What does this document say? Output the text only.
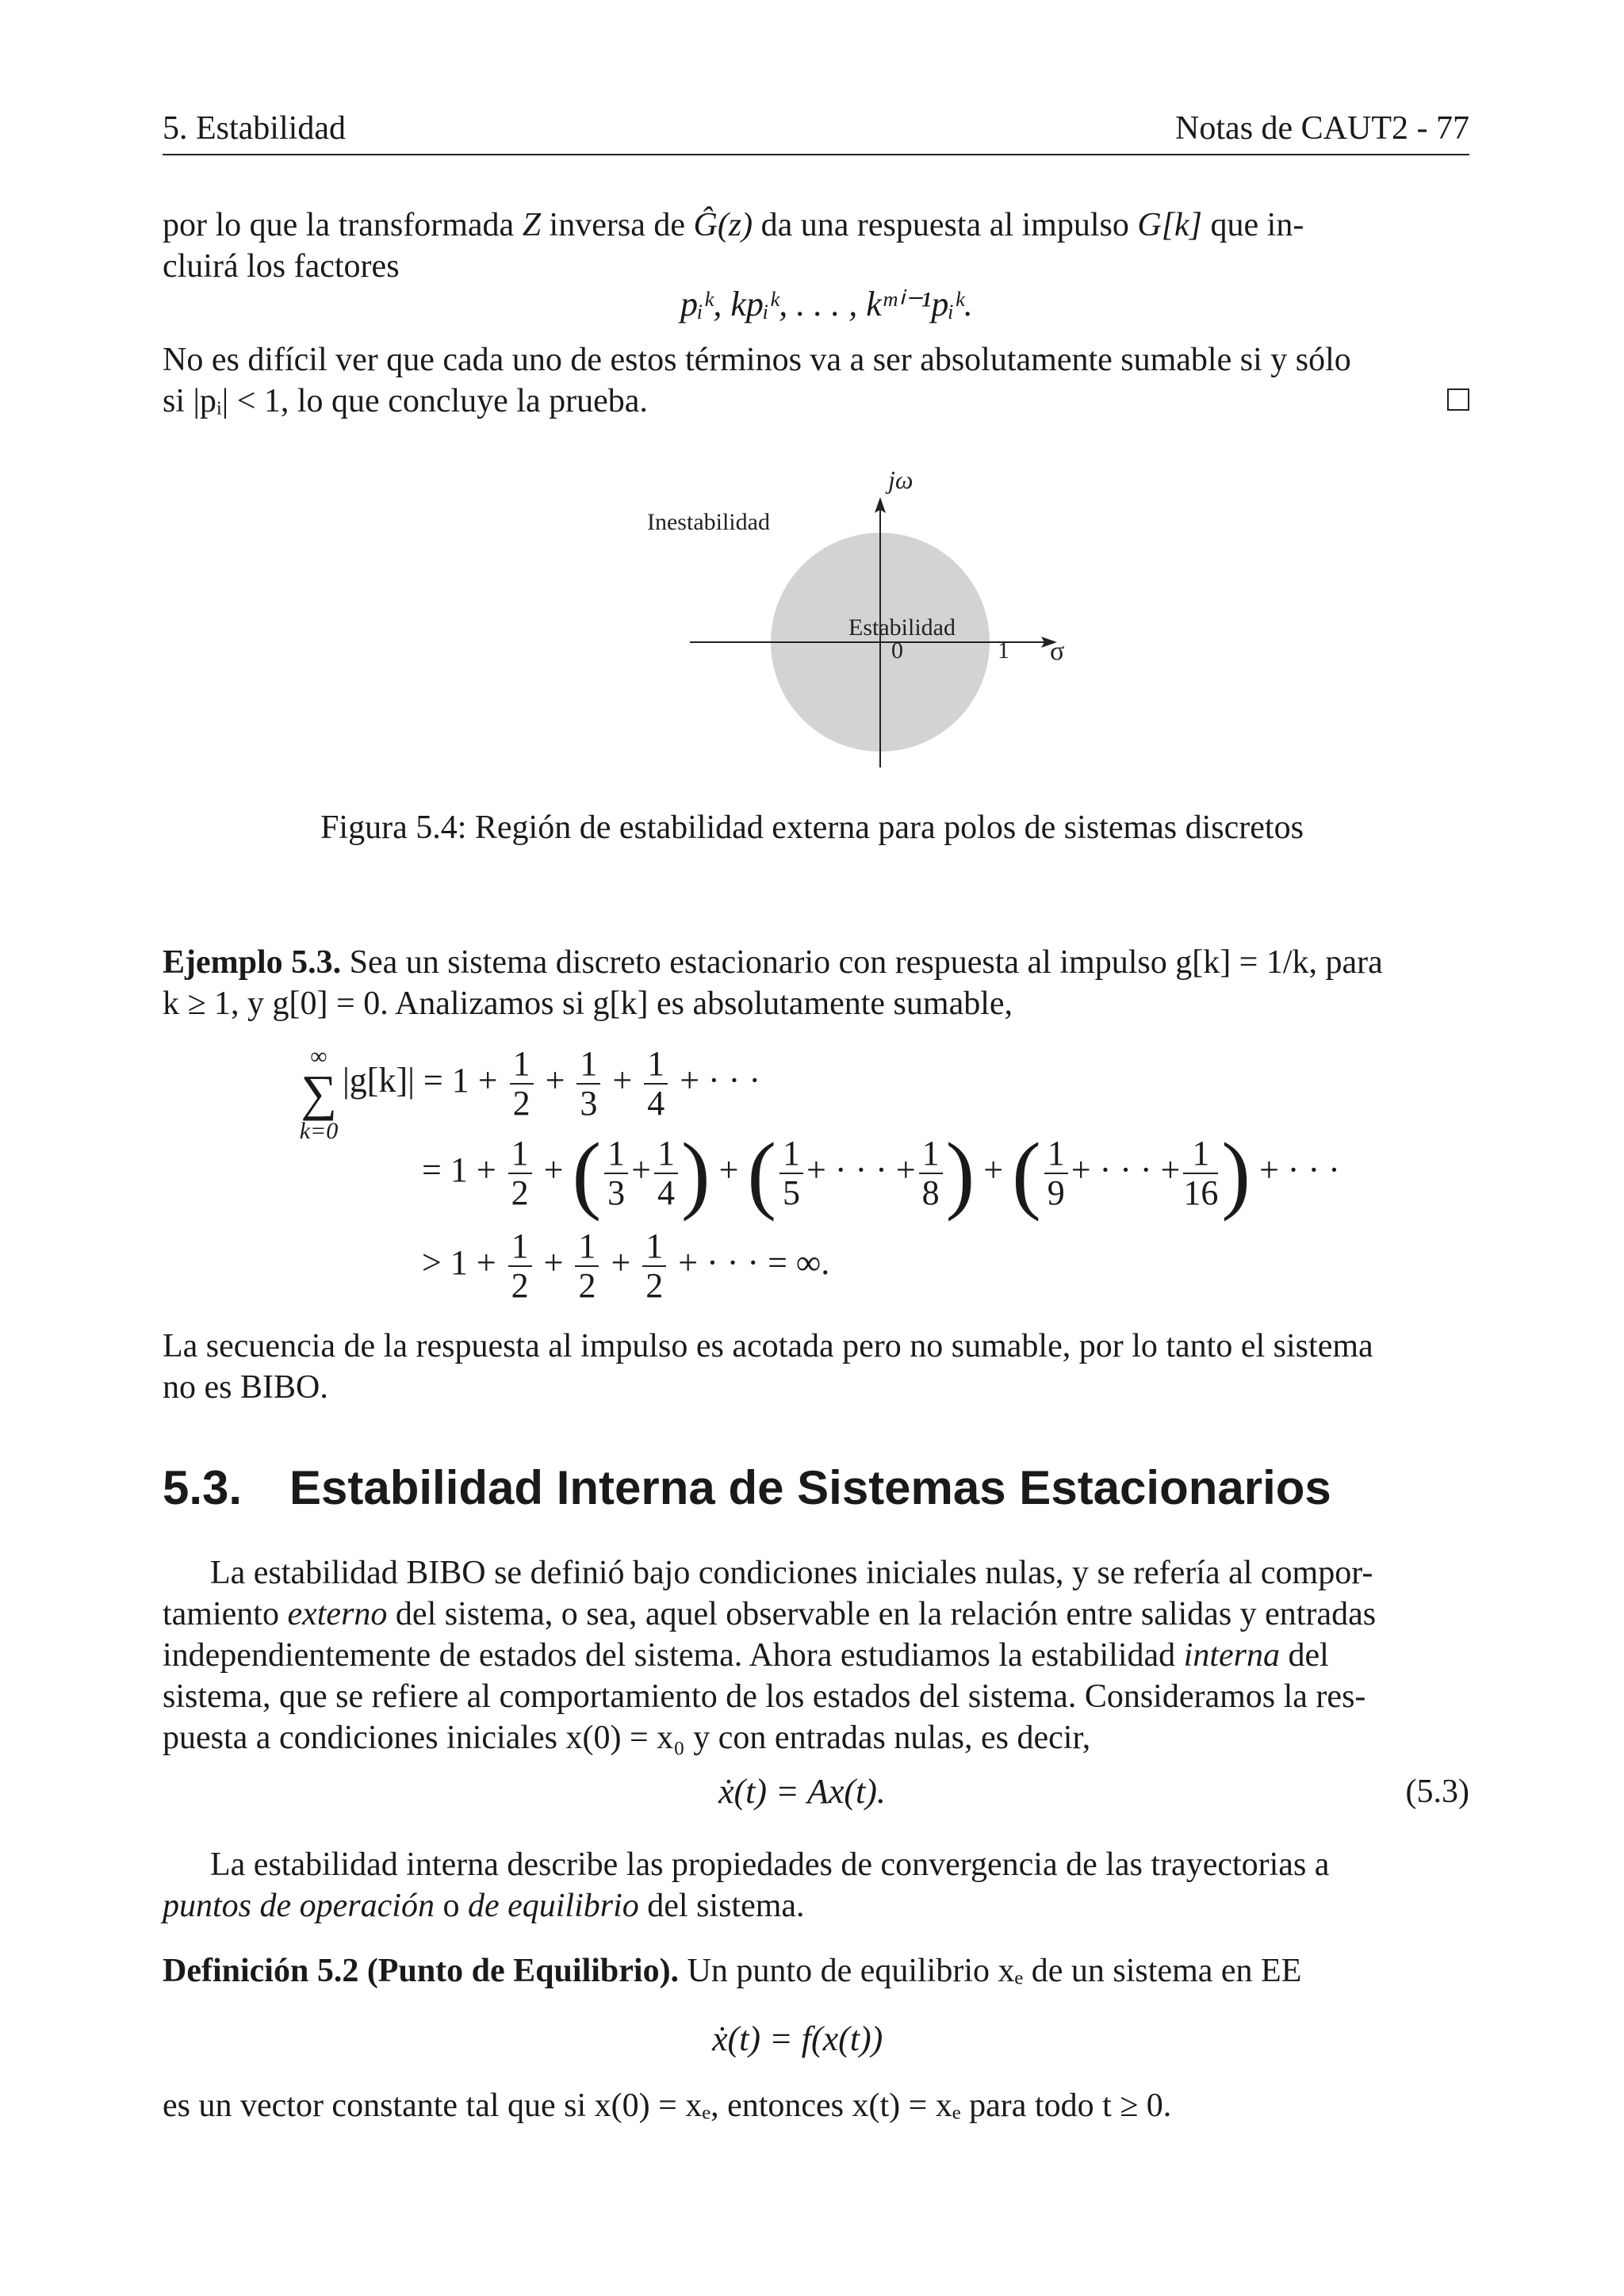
5. Estabilidad	Notas de CAUT2 - 77
por lo que la transformada Z inversa de Ĝ(z) da una respuesta al impulso G[k] que in-
cluirá los factores
pᵢᵏ, kpᵢᵏ, . . . , kᵐⁱ⁻¹pᵢᵏ.
No es difícil ver que cada uno de estos términos va a ser absolutamente sumable si y sólo
si |pᵢ| < 1, lo que concluye la prueba.
jω
Inestabilidad
Estabilidad
0	1 σ
Figura 5.4: Región de estabilidad externa para polos de sistemas discretos
Ejemplo 5.3. Sea un sistema discreto estacionario con respuesta al impulso g[k] = 1/k, para
k ≥ 1, y g[0] = 0. Analizamos si g[k] es absolutamente sumable,
∞
∑
k=0
$|g[k]| = 1 + \frac{1}{2} + \frac{1}{3} + \frac{1}{4}$ + · · ·
= $1 + \frac{1}{2}$ + ( $\frac{1}{3} + \frac{1}{4}$ ) + ( $\frac{1}{5}$ + · · · + $\frac{1}{8}$ ) + ( $\frac{1}{9}$ + · · · + $\frac{1}{16}$ ) + · · ·
> $1 + \frac{1}{2} + \frac{1}{2} + \frac{1}{2}$ + · · · = ∞.
La secuencia de la respuesta al impulso es acotada pero no sumable, por lo tanto el sistema
no es BIBO.
5.3. Estabilidad Interna de Sistemas Estacionarios
La estabilidad BIBO se definió bajo condiciones iniciales nulas, y se refería al compor-
tamiento externo del sistema, o sea, aquel observable en la relación entre salidas y entradas
independientemente de estados del sistema. Ahora estudiamos la estabilidad interna del
sistema, que se refiere al comportamiento de los estados del sistema. Consideramos la res-
puesta a condiciones iniciales x(0) = x₀ y con entradas nulas, es decir,
ẋ(t) = Ax(t).	(5.3)
La estabilidad interna describe las propiedades de convergencia de las trayectorias a
puntos de operación o de equilibrio del sistema.
Definición 5.2 (Punto de Equilibrio). Un punto de equilibrio xₑ de un sistema en EE
ẋ(t) = f(x(t))
es un vector constante tal que si x(0) = xₑ, entonces x(t) = xₑ para todo t ≥ 0.
